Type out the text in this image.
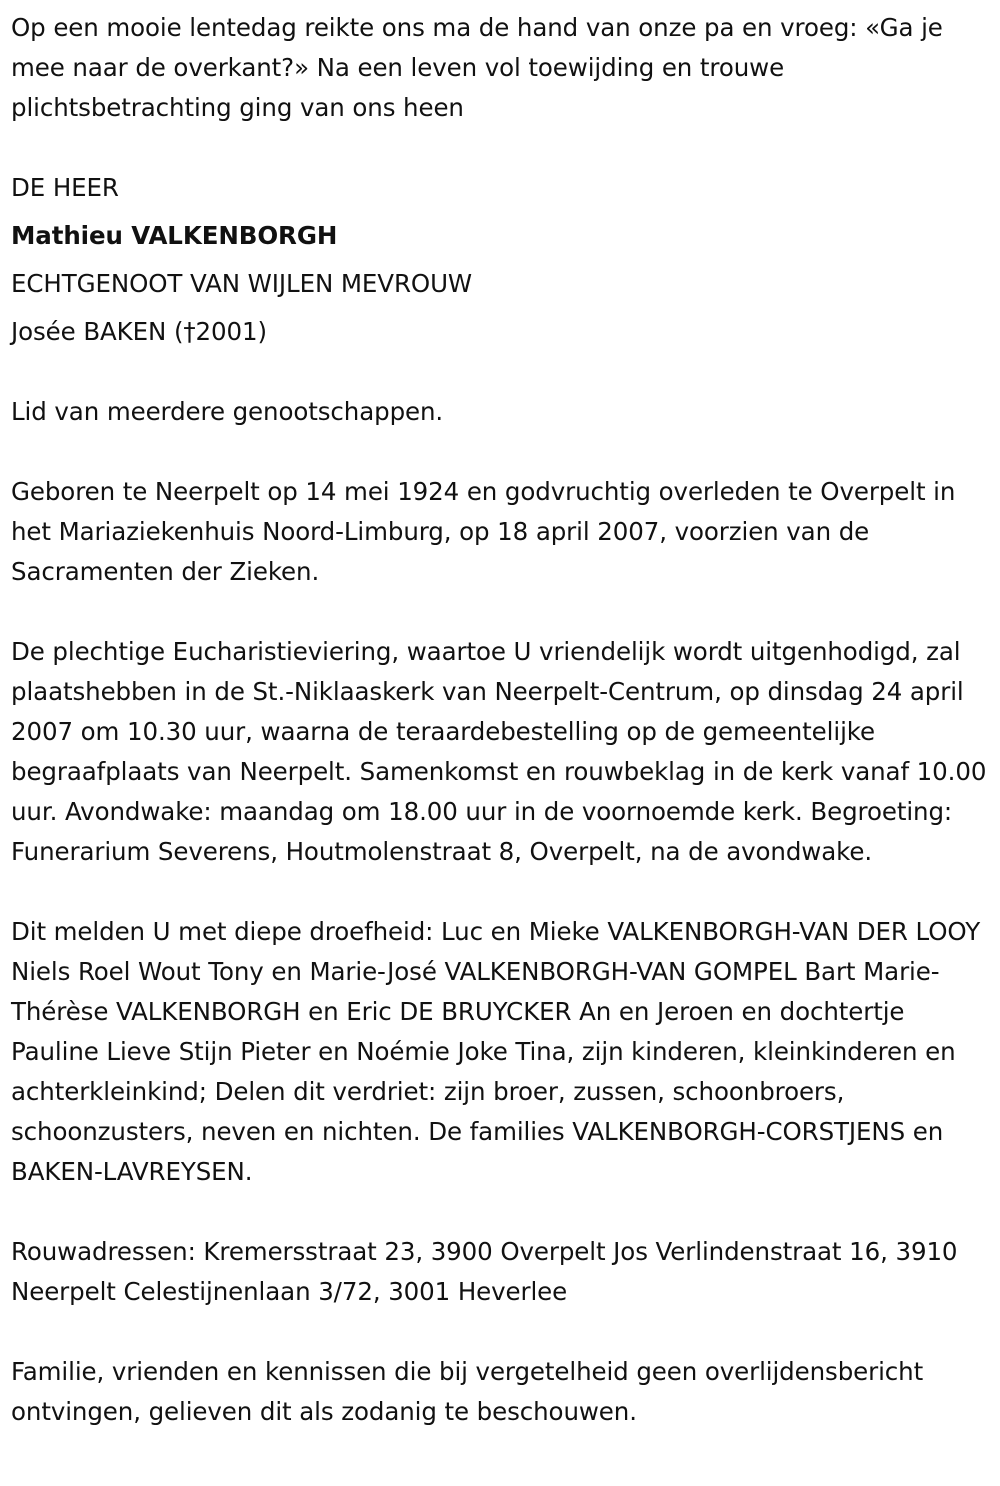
Op een mooie lentedag reikte ons ma de hand van onze pa en vroeg: «Ga je mee naar de overkant?» Na een leven vol toewijding en trouwe plichtsbetrachting ging van ons heen

DE HEER

Mathieu VALKENBORGH

ECHTGENOOT VAN WIJLEN MEVROUW

Josée BAKEN (†2001)

Lid van meerdere genootschappen.

Geboren te Neerpelt op 14 mei 1924 en godvruchtig overleden te Overpelt in het Mariaziekenhuis Noord-Limburg, op 18 april 2007, voorzien van de Sacramenten der Zieken.

De plechtige Eucharistieviering, waartoe U vriendelijk wordt uitgenhodigd, zal plaatshebben in de St.-Niklaaskerk van Neerpelt-Centrum, op dinsdag 24 april 2007 om 10.30 uur, waarna de teraardebestelling op de gemeentelijke begraafplaats van Neerpelt. Samenkomst en rouwbeklag in de kerk vanaf 10.00 uur. Avondwake: maandag om 18.00 uur in de voornoemde kerk. Begroeting: Funerarium Severens, Houtmolenstraat 8, Overpelt, na de avondwake.

Dit melden U met diepe droefheid: Luc en Mieke VALKENBORGH-VAN DER LOOY Niels Roel Wout Tony en Marie-José VALKENBORGH-VAN GOMPEL Bart Marie-Thérèse VALKENBORGH en Eric DE BRUYCKER An en Jeroen en dochtertje Pauline Lieve Stijn Pieter en Noémie Joke Tina, zijn kinderen, kleinkinderen en achterkleinkind; Delen dit verdriet: zijn broer, zussen, schoonbroers, schoonzusters, neven en nichten. De families VALKENBORGH-CORSTJENS en BAKEN-LAVREYSEN.

Rouwadressen: Kremersstraat 23, 3900 Overpelt Jos Verlindenstraat 16, 3910 Neerpelt Celestijnenlaan 3/72, 3001 Heverlee

Familie, vrienden en kennissen die bij vergetelheid geen overlijdensbericht ontvingen, gelieven dit als zodanig te beschouwen.
